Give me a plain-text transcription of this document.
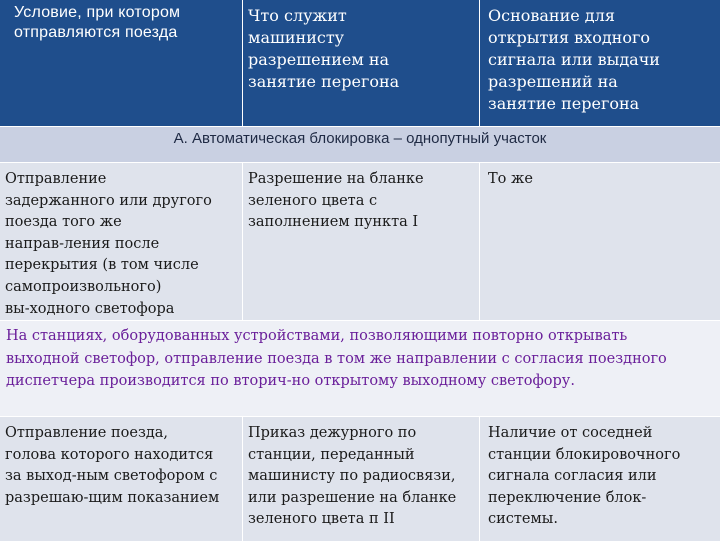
Условие, при котором
отправляются поезда
Что служит
машинисту
разрешением на
занятие перегона
Основание для
открытия входного
сигнала или выдачи
разрешений на
занятие перегона
А. Автоматическая блокировка – однопутный участок
Отправление
задержанного или другого
поезда того же
направ-ления после
перекрытия (в том числе
самопроизвольного)
вы-ходного светофора
Разрешение на бланке
зеленого цвета с
заполнением пункта I
То же
На станциях, оборудованных устройствами, позволяющими повторно открывать
выходной светофор, отправление поезда в том же направлении с согласия поездного
диспетчера производится по вторич-но открытому выходному светофору.
Отправление поезда,
голова которого находится
за выход-ным светофором с
разрешаю-щим показанием
Приказ дежурного по
станции, переданный
машинисту по радиосвязи,
или разрешение на бланке
зеленого цвета п II
Наличие от соседней
станции блокировочного
сигнала согласия или
переключение блок-
системы.
